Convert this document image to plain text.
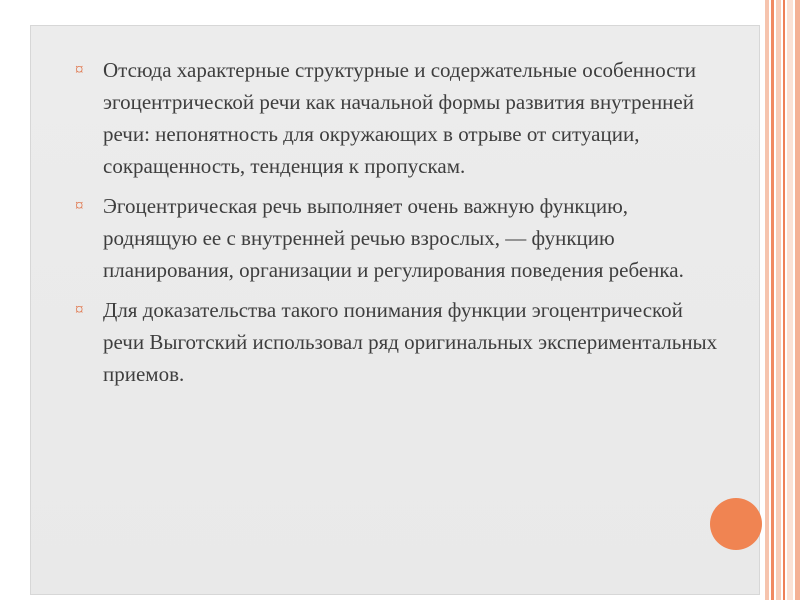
¤ Отсюда характерные структурные и содержательные особенности эгоцентрической речи как начальной формы развития внутренней речи: непонятность для окружающих в отрыве от ситуации, сокращенность, тенденция к пропускам.
¤ Эгоцентрическая речь выполняет очень важную функцию, роднящую ее с внутренней речью взрослых, — функцию планирования, организации и регулирования поведения ребенка.
¤ Для доказательства такого понимания функции эгоцентрической речи Выготский использовал ряд оригинальных экспериментальных приемов.
